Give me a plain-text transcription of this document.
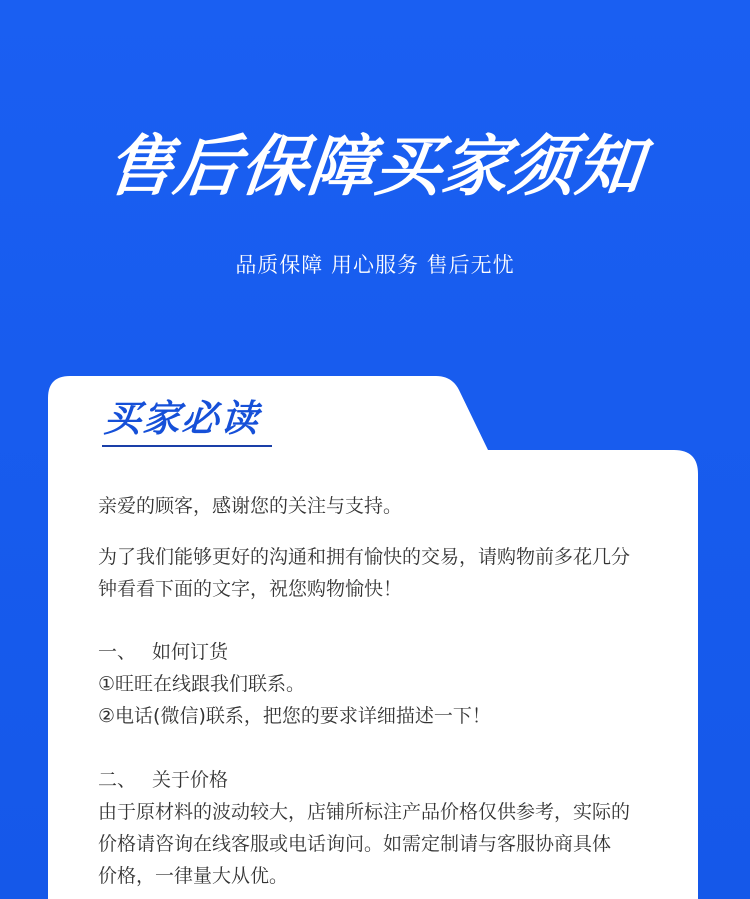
售后保障买家须知
品质保障 用心服务 售后无忧
买家必读
亲爱的顾客，感谢您的关注与支持。
为了我们能够更好的沟通和拥有愉快的交易，请购物前多花几分
钟看看下面的文字，祝您购物愉快！
一、 如何订货
①旺旺在线跟我们联系。
②电话(微信)联系，把您的要求详细描述一下！
二、 关于价格
由于原材料的波动较大，店铺所标注产品价格仅供参考，实际的
价格请咨询在线客服或电话询问。如需定制请与客服协商具体
价格，一律量大从优。
